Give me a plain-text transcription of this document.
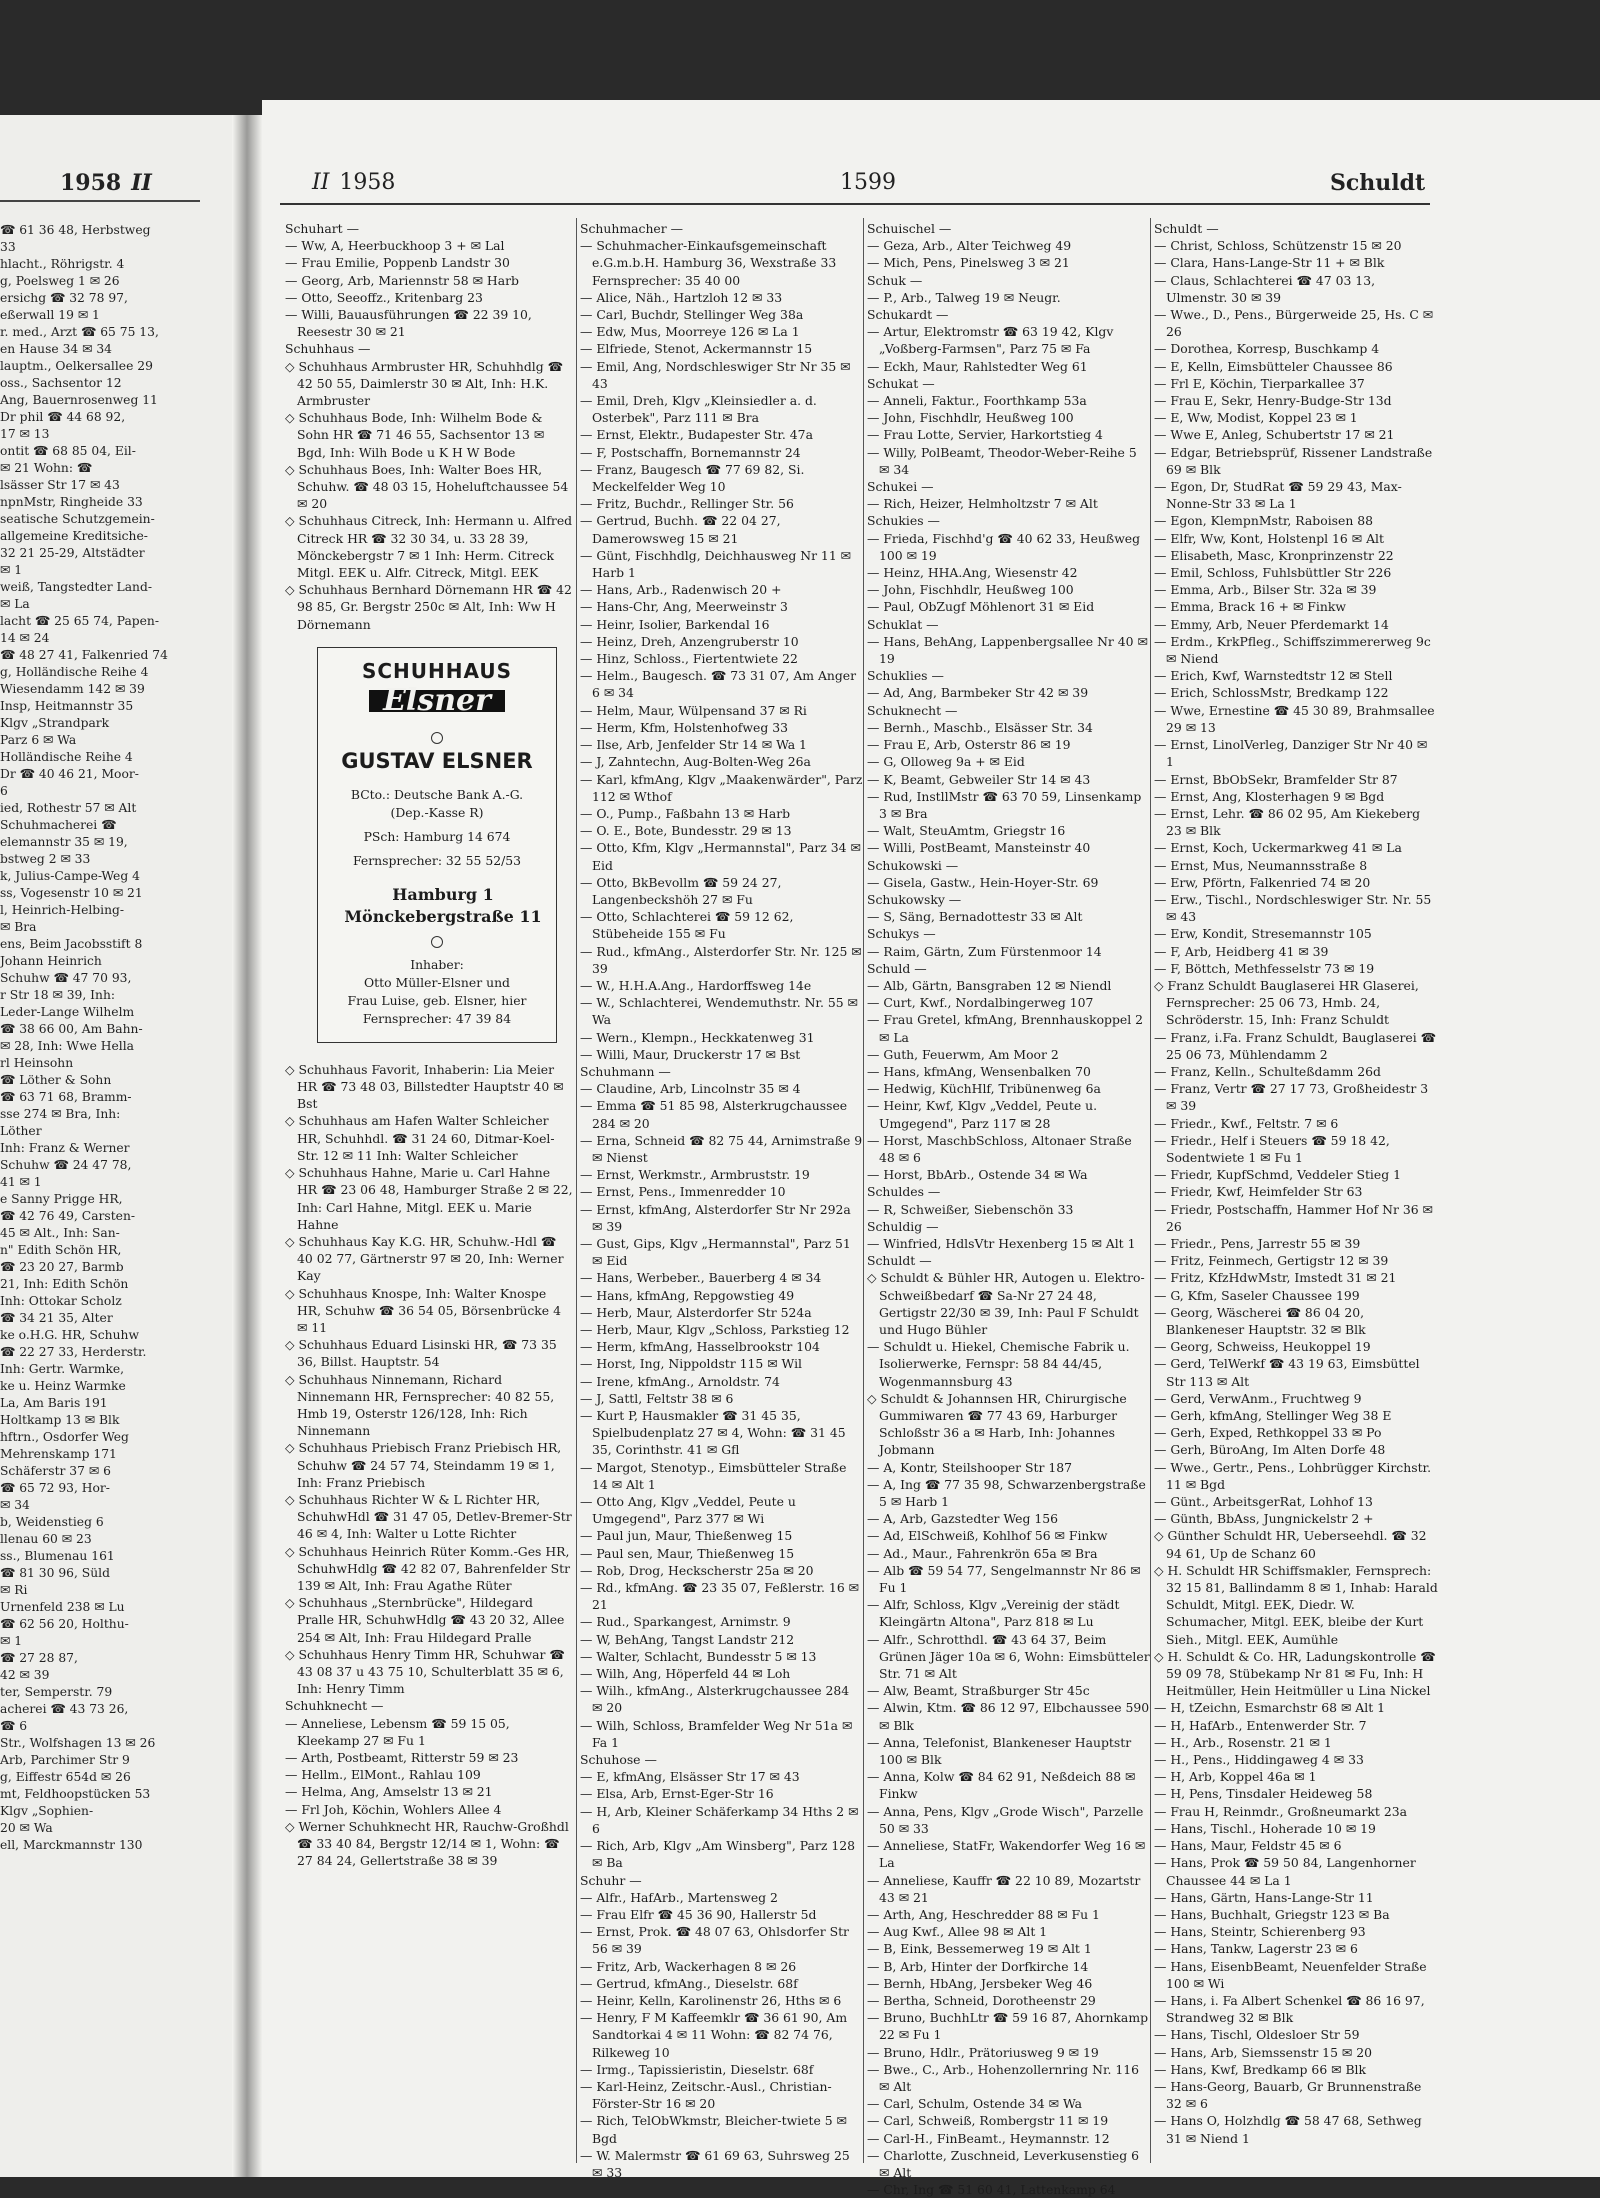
1958 II
☎ 61 36 48, Herbstweg
33
hlacht., Röhrigstr. 4
g, Poelsweg 1 ✉ 26
ersichg ☎ 32 78 97,
eßerwall 19 ✉ 1
r. med., Arzt ☎ 65 75 13,
en Hause 34 ✉ 34
lauptm., Oelkersallee 29
oss., Sachsentor 12
Ang, Bauernrosenweg 11
Dr phil ☎ 44 68 92,
17 ✉ 13
ontit ☎ 68 85 04, Eil-
✉ 21 Wohn: ☎
lsässer Str 17 ✉ 43
npnMstr, Ringheide 33
seatische Schutzgemein-
allgemeine Kreditsiche-
32 21 25-29, Altstädter
✉ 1
weiß, Tangstedter Land-
✉ La
lacht ☎ 25 65 74, Papen-
14 ✉ 24
☎ 48 27 41, Falkenried 74
g, Holländische Reihe 4
Wiesendamm 142 ✉ 39
Insp, Heitmannstr 35
Klgv „Strandpark
Parz 6 ✉ Wa
Holländische Reihe 4
Dr ☎ 40 46 21, Moor-
6
ied, Rothestr 57 ✉ Alt
Schuhmacherei ☎
elemannstr 35 ✉ 19,
bstweg 2 ✉ 33
k, Julius-Campe-Weg 4
ss, Vogesenstr 10 ✉ 21
l, Heinrich-Helbing-
✉ Bra
ens, Beim Jacobsstift 8
Johann Heinrich
Schuhw ☎ 47 70 93,
r Str 18 ✉ 39, Inh:
Leder-Lange Wilhelm
☎ 38 66 00, Am Bahn-
✉ 28, Inh: Wwe Hella
rl Heinsohn
☎ Löther & Sohn
☎ 63 71 68, Bramm-
sse 274 ✉ Bra, Inh:
Löther
Inh: Franz & Werner
Schuhw ☎ 24 47 78,
41 ✉ 1
e Sanny Prigge HR,
☎ 42 76 49, Carsten-
45 ✉ Alt., Inh: San-
n" Edith Schön HR,
☎ 23 20 27, Barmb
21, Inh: Edith Schön
Inh: Ottokar Scholz
☎ 34 21 35, Alter
ke o.H.G. HR, Schuhw
☎ 22 27 33, Herderstr.
Inh: Gertr. Warmke,
ke u. Heinz Warmke
La, Am Baris 191
Holtkamp 13 ✉ Blk
hftrn., Osdorfer Weg
Mehrenskamp 171
Schäferstr 37 ✉ 6
☎ 65 72 93, Hor-
✉ 34
b, Weidenstieg 6
llenau 60 ✉ 23
ss., Blumenau 161
☎ 81 30 96, Süld
✉ Ri
Urnenfeld 238 ✉ Lu
☎ 62 56 20, Holthu-
✉ 1
☎ 27 28 87,
42 ✉ 39
ter, Semperstr. 79
acherei ☎ 43 73 26,
☎ 6
Str., Wolfshagen 13 ✉ 26
Arb, Parchimer Str 9
g, Eiffestr 654d ✉ 26
mt, Feldhoopstücken 53
Klgv „Sophien-
20 ✉ Wa
ell, Marckmannstr 130
II 1958	1599	Schuldt
Schuhart —
— Ww, A, Heerbuckhoop 3 + ✉ Lal
— Frau Emilie, Poppenb Landstr 30
— Georg, Arb, Mariennstr 58 ✉ Harb
— Otto, Seeoffz., Kritenbarg 23
— Willi, Bauausführungen ☎ 22 39 10, Reesestr 30 ✉ 21
Schuhhaus —
◇ Schuhhaus Armbruster HR, Schuhhdlg ☎ 42 50 55, Daimlerstr 30 ✉ Alt, Inh: H.K. Armbruster
◇ Schuhhaus Bode, Inh: Wilhelm Bode & Sohn HR ☎ 71 46 55, Sachsentor 13 ✉ Bgd, Inh: Wilh Bode u K H W Bode
◇ Schuhhaus Boes, Inh: Walter Boes HR, Schuhw. ☎ 48 03 15, Hoheluftchaussee 54 ✉ 20
◇ Schuhhaus Citreck, Inh: Hermann u. Alfred Citreck HR ☎ 32 30 34, u. 33 28 39, Mönckebergstr 7 ✉ 1 Inh: Herm. Citreck Mitgl. EEK u. Alfr. Citreck, Mitgl. EEK
◇ Schuhhaus Bernhard Dörnemann HR ☎ 42 98 85, Gr. Bergstr 250c ✉ Alt, Inh: Ww H Dörnemann
SCHUHHAUS
Elsner
GUSTAV ELSNER
BCto.: Deutsche Bank A.-G.
(Dep.-Kasse R)
PSch: Hamburg 14 674
Fernsprecher: 32 55 52/53
Hamburg 1
Mönckebergstraße 11
Inhaber:
Otto Müller-Elsner und
Frau Luise, geb. Elsner, hier
Fernsprecher: 47 39 84
◇ Schuhhaus Favorit, Inhaberin: Lia Meier HR ☎ 73 48 03, Billstedter Hauptstr 40 ✉ Bst
◇ Schuhhaus am Hafen Walter Schleicher HR, Schuhhdl. ☎ 31 24 60, Ditmar-Koel-Str. 12 ✉ 11 Inh: Walter Schleicher
◇ Schuhhaus Hahne, Marie u. Carl Hahne HR ☎ 23 06 48, Hamburger Straße 2 ✉ 22, Inh: Carl Hahne, Mitgl. EEK u. Marie Hahne
◇ Schuhhaus Kay K.G. HR, Schuhw.-Hdl ☎ 40 02 77, Gärtnerstr 97 ✉ 20, Inh: Werner Kay
◇ Schuhhaus Knospe, Inh: Walter Knospe HR, Schuhw ☎ 36 54 05, Börsenbrücke 4 ✉ 11
◇ Schuhhaus Eduard Lisinski HR, ☎ 73 35 36, Billst. Hauptstr. 54
◇ Schuhhaus Ninnemann, Richard Ninnemann HR, Fernsprecher: 40 82 55, Hmb 19, Osterstr 126/128, Inh: Rich Ninnemann
◇ Schuhhaus Priebisch Franz Priebisch HR, Schuhw ☎ 24 57 74, Steindamm 19 ✉ 1, Inh: Franz Priebisch
◇ Schuhhaus Richter W & L Richter HR, SchuhwHdl ☎ 31 47 05, Detlev-Bremer-Str 46 ✉ 4, Inh: Walter u Lotte Richter
◇ Schuhhaus Heinrich Rüter Komm.-Ges HR, SchuhwHdlg ☎ 42 82 07, Bahrenfelder Str 139 ✉ Alt, Inh: Frau Agathe Rüter
◇ Schuhhaus „Sternbrücke", Hildegard Pralle HR, SchuhwHdlg ☎ 43 20 32, Allee 254 ✉ Alt, Inh: Frau Hildegard Pralle
◇ Schuhhaus Henry Timm HR, Schuhwar ☎ 43 08 37 u 43 75 10, Schulterblatt 35 ✉ 6, Inh: Henry Timm
Schuhknecht —
— Anneliese, Lebensm ☎ 59 15 05, Kleekamp 27 ✉ Fu 1
— Arth, Postbeamt, Ritterstr 59 ✉ 23
— Hellm., ElMont., Rahlau 109
— Helma, Ang, Amselstr 13 ✉ 21
— Frl Joh, Köchin, Wohlers Allee 4
◇ Werner Schuhknecht HR, Rauchw-Großhdl ☎ 33 40 84, Bergstr 12/14 ✉ 1, Wohn: ☎ 27 84 24, Gellertstraße 38 ✉ 39
Schuhmacher —
— Schuhmacher-Einkaufsgemeinschaft e.G.m.b.H. Hamburg 36, Wexstraße 33 Fernsprecher: 35 40 00
— Alice, Näh., Hartzloh 12 ✉ 33
— Carl, Buchdr, Stellinger Weg 38a
— Edw, Mus, Moorreye 126 ✉ La 1
— Elfriede, Stenot, Ackermannstr 15
— Emil, Ang, Nordschleswiger Str Nr 35 ✉ 43
— Emil, Dreh, Klgv „Kleinsiedler a. d. Osterbek", Parz 111 ✉ Bra
— Ernst, Elektr., Budapester Str. 47a
— F, Postschaffn, Bornemannstr 24
— Franz, Baugesch ☎ 77 69 82, Si. Meckelfelder Weg 10
— Fritz, Buchdr., Rellinger Str. 56
— Gertrud, Buchh. ☎ 22 04 27, Damerowsweg 15 ✉ 21
— Günt, Fischhdlg, Deichhausweg Nr 11 ✉ Harb 1
— Hans, Arb., Radenwisch 20 +
— Hans-Chr, Ang, Meerweinstr 3
— Heinr, Isolier, Barkendal 16
— Heinz, Dreh, Anzengruberstr 10
— Hinz, Schloss., Fiertentwiete 22
— Helm., Baugesch. ☎ 73 31 07, Am Anger 6 ✉ 34
— Helm, Maur, Wülpensand 37 ✉ Ri
— Herm, Kfm, Holstenhofweg 33
— Ilse, Arb, Jenfelder Str 14 ✉ Wa 1
— J, Zahntechn, Aug-Bolten-Weg 26a
— Karl, kfmAng, Klgv „Maakenwärder", Parz 112 ✉ Wthof
— O., Pump., Faßbahn 13 ✉ Harb
— O. E., Bote, Bundesstr. 29 ✉ 13
— Otto, Kfm, Klgv „Hermannstal", Parz 34 ✉ Eid
— Otto, BkBevollm ☎ 59 24 27, Langenbeckshöh 27 ✉ Fu
— Otto, Schlachterei ☎ 59 12 62, Stübeheide 155 ✉ Fu
— Rud., kfmAng., Alsterdorfer Str. Nr. 125 ✉ 39
— W., H.H.A.Ang., Hardorffsweg 14e
— W., Schlachterei, Wendemuthstr. Nr. 55 ✉ Wa
— Wern., Klempn., Heckkatenweg 31
— Willi, Maur, Druckerstr 17 ✉ Bst
Schuhmann —
— Claudine, Arb, Lincolnstr 35 ✉ 4
— Emma ☎ 51 85 98, Alsterkrugchaussee 284 ✉ 20
— Erna, Schneid ☎ 82 75 44, Arnimstraße 9 ✉ Nienst
— Ernst, Werkmstr., Armbruststr. 19
— Ernst, Pens., Immenredder 10
— Ernst, kfmAng, Alsterdorfer Str Nr 292a ✉ 39
— Gust, Gips, Klgv „Hermannstal", Parz 51 ✉ Eid
— Hans, Werbeber., Bauerberg 4 ✉ 34
— Hans, kfmAng, Repgowstieg 49
— Herb, Maur, Alsterdorfer Str 524a
— Herb, Maur, Klgv „Schloss, Parkstieg 12
— Herm, kfmAng, Hasselbrookstr 104
— Horst, Ing, Nippoldstr 115 ✉ Wil
— Irene, kfmAng., Arnoldstr. 74
— J, Sattl, Feltstr 38 ✉ 6
— Kurt P, Hausmakler ☎ 31 45 35, Spielbudenplatz 27 ✉ 4, Wohn: ☎ 31 45 35, Corinthstr. 41 ✉ Gfl
— Margot, Stenotyp., Eimsbütteler Straße 14 ✉ Alt 1
— Otto Ang, Klgv „Veddel, Peute u Umgegend", Parz 377 ✉ Wi
— Paul jun, Maur, Thießenweg 15
— Paul sen, Maur, Thießenweg 15
— Rob, Drog, Heckscherstr 25a ✉ 20
— Rd., kfmAng. ☎ 23 35 07, Feßlerstr. 16 ✉ 21
— Rud., Sparkangest, Arnimstr. 9
— W, BehAng, Tangst Landstr 212
— Walter, Schlacht, Bundesstr 5 ✉ 13
— Wilh, Ang, Höperfeld 44 ✉ Loh
— Wilh., kfmAng., Alsterkrugchaussee 284 ✉ 20
— Wilh, Schloss, Bramfelder Weg Nr 51a ✉ Fa 1
Schuhose —
— E, kfmAng, Elsässer Str 17 ✉ 43
— Elsa, Arb, Ernst-Eger-Str 16
— H, Arb, Kleiner Schäferkamp 34 Hths 2 ✉ 6
— Rich, Arb, Klgv „Am Winsberg", Parz 128 ✉ Ba
Schuhr —
— Alfr., HafArb., Martensweg 2
— Frau Elfr ☎ 45 36 90, Hallerstr 5d
— Ernst, Prok. ☎ 48 07 63, Ohlsdorfer Str 56 ✉ 39
— Fritz, Arb, Wackerhagen 8 ✉ 26
— Gertrud, kfmAng., Dieselstr. 68f
— Heinr, Kelln, Karolinenstr 26, Hths ✉ 6
— Henry, F M Kaffeemklr ☎ 36 61 90, Am Sandtorkai 4 ✉ 11 Wohn: ☎ 82 74 76, Rilkeweg 10
— Irmg., Tapissieristin, Dieselstr. 68f
— Karl-Heinz, Zeitschr.-Ausl., Christian-Förster-Str 16 ✉ 20
— Rich, TelObWkmstr, Bleicher-twiete 5 ✉ Bgd
— W. Malermstr ☎ 61 69 63, Suhrsweg 25 ✉ 33
Schuischel —
— Geza, Arb., Alter Teichweg 49
— Mich, Pens, Pinelsweg 3 ✉ 21
Schuk —
— P., Arb., Talweg 19 ✉ Neugr.
Schukardt —
— Artur, Elektromstr ☎ 63 19 42, Klgv „Voßberg-Farmsen", Parz 75 ✉ Fa
— Eckh, Maur, Rahlstedter Weg 61
Schukat —
— Anneli, Faktur., Foorthkamp 53a
— John, Fischhdlr, Heußweg 100
— Frau Lotte, Servier, Harkortstieg 4
— Willy, PolBeamt, Theodor-Weber-Reihe 5 ✉ 34
Schukei —
— Rich, Heizer, Helmholtzstr 7 ✉ Alt
Schukies —
— Frieda, Fischhd'g ☎ 40 62 33, Heußweg 100 ✉ 19
— Heinz, HHA.Ang, Wiesenstr 42
— John, Fischhdlr, Heußweg 100
— Paul, ObZugf Möhlenort 31 ✉ Eid
Schuklat —
— Hans, BehAng, Lappenbergsallee Nr 40 ✉ 19
Schuklies —
— Ad, Ang, Barmbeker Str 42 ✉ 39
Schuknecht —
— Bernh., Maschb., Elsässer Str. 34
— Frau E, Arb, Osterstr 86 ✉ 19
— G, Olloweg 9a + ✉ Eid
— K, Beamt, Gebweiler Str 14 ✉ 43
— Rud, InstllMstr ☎ 63 70 59, Linsenkamp 3 ✉ Bra
— Walt, SteuAmtm, Griegstr 16
— Willi, PostBeamt, Mansteinstr 40
Schukowski —
— Gisela, Gastw., Hein-Hoyer-Str. 69
Schukowsky —
— S, Säng, Bernadottestr 33 ✉ Alt
Schukys —
— Raim, Gärtn, Zum Fürstenmoor 14
Schuld —
— Alb, Gärtn, Bansgraben 12 ✉ Niendl
— Curt, Kwf., Nordalbingerweg 107
— Frau Gretel, kfmAng, Brennhauskoppel 2 ✉ La
— Guth, Feuerwm, Am Moor 2
— Hans, kfmAng, Wensenbalken 70
— Hedwig, KüchHlf, Tribünenweg 6a
— Heinr, Kwf, Klgv „Veddel, Peute u. Umgegend", Parz 117 ✉ 28
— Horst, MaschbSchloss, Altonaer Straße 48 ✉ 6
— Horst, BbArb., Ostende 34 ✉ Wa
Schuldes —
— R, Schweißer, Siebenschön 33
Schuldig —
— Winfried, HdlsVtr Hexenberg 15 ✉ Alt 1
Schuldt —
◇ Schuldt & Bühler HR, Autogen u. Elektro-Schweißbedarf ☎ Sa-Nr 27 24 48, Gertigstr 22/30 ✉ 39, Inh: Paul F Schuldt und Hugo Bühler
— Schuldt u. Hiekel, Chemische Fabrik u. Isolierwerke, Fernspr: 58 84 44/45, Wogenmannsburg 43
◇ Schuldt & Johannsen HR, Chirurgische Gummiwaren ☎ 77 43 69, Harburger Schloßstr 36 a ✉ Harb, Inh: Johannes Jobmann
— A, Kontr, Steilshooper Str 187
— A, Ing ☎ 77 35 98, Schwarzenbergstraße 5 ✉ Harb 1
— A, Arb, Gazstedter Weg 156
— Ad, ElSchweiß, Kohlhof 56 ✉ Finkw
— Ad., Maur., Fahrenkrön 65a ✉ Bra
— Alb ☎ 59 54 77, Sengelmannstr Nr 86 ✉ Fu 1
— Alfr, Schloss, Klgv „Vereinig der städt Kleingärtn Altona", Parz 818 ✉ Lu
— Alfr., Schrotthdl. ☎ 43 64 37, Beim Grünen Jäger 10a ✉ 6, Wohn: Eimsbütteler Str. 71 ✉ Alt
— Alw, Beamt, Straßburger Str 45c
— Alwin, Ktm. ☎ 86 12 97, Elbchaussee 590 ✉ Blk
— Anna, Telefonist, Blankeneser Hauptstr 100 ✉ Blk
— Anna, Kolw ☎ 84 62 91, Neßdeich 88 ✉ Finkw
— Anna, Pens, Klgv „Grode Wisch", Parzelle 50 ✉ 33
— Anneliese, StatFr, Wakendorfer Weg 16 ✉ La
— Anneliese, Kauffr ☎ 22 10 89, Mozartstr 43 ✉ 21
— Arth, Ang, Heschredder 88 ✉ Fu 1
— Aug Kwf., Allee 98 ✉ Alt 1
— B, Eink, Bessemerweg 19 ✉ Alt 1
— B, Arb, Hinter der Dorfkirche 14
— Bernh, HbAng, Jersbeker Weg 46
— Bertha, Schneid, Dorotheenstr 29
— Bruno, BuchhLtr ☎ 59 16 87, Ahornkamp 22 ✉ Fu 1
— Bruno, Hdlr., Prätoriusweg 9 ✉ 19
— Bwe., C., Arb., Hohenzollernring Nr. 116 ✉ Alt
— Carl, Schulm, Ostende 34 ✉ Wa
— Carl, Schweiß, Rombergstr 11 ✉ 19
— Carl-H., FinBeamt., Heymannstr. 12
— Charlotte, Zuschneid, Leverkusenstieg 6 ✉ Alt
— Chr, Ing ☎ 51 60 41, Lattenkamp 64
Schuldt —
— Christ, Schloss, Schützenstr 15 ✉ 20
— Clara, Hans-Lange-Str 11 + ✉ Blk
— Claus, Schlachterei ☎ 47 03 13, Ulmenstr. 30 ✉ 39
— Wwe., D., Pens., Bürgerweide 25, Hs. C ✉ 26
— Dorothea, Korresp, Buschkamp 4
— E, Kelln, Eimsbütteler Chaussee 86
— Frl E, Köchin, Tierparkallee 37
— Frau E, Sekr, Henry-Budge-Str 13d
— E, Ww, Modist, Koppel 23 ✉ 1
— Wwe E, Anleg, Schubertstr 17 ✉ 21
— Edgar, Betriebsprüf, Rissener Landstraße 69 ✉ Blk
— Egon, Dr, StudRat ☎ 59 29 43, Max-Nonne-Str 33 ✉ La 1
— Egon, KlempnMstr, Raboisen 88
— Elfr, Ww, Kont, Holstenpl 16 ✉ Alt
— Elisabeth, Masc, Kronprinzenstr 22
— Emil, Schloss, Fuhlsbüttler Str 226
— Emma, Arb., Bilser Str. 32a ✉ 39
— Emma, Brack 16 + ✉ Finkw
— Emmy, Arb, Neuer Pferdemarkt 14
— Erdm., KrkPfleg., Schiffszimmererweg 9c ✉ Niend
— Erich, Kwf, Warnstedtstr 12 ✉ Stell
— Erich, SchlossMstr, Bredkamp 122
— Wwe, Ernestine ☎ 45 30 89, Brahmsallee 29 ✉ 13
— Ernst, LinolVerleg, Danziger Str Nr 40 ✉ 1
— Ernst, BbObSekr, Bramfelder Str 87
— Ernst, Ang, Klosterhagen 9 ✉ Bgd
— Ernst, Lehr. ☎ 86 02 95, Am Kiekeberg 23 ✉ Blk
— Ernst, Koch, Uckermarkweg 41 ✉ La
— Ernst, Mus, Neumannsstraße 8
— Erw, Pförtn, Falkenried 74 ✉ 20
— Erw., Tischl., Nordschleswiger Str. Nr. 55 ✉ 43
— Erw, Kondit, Stresemannstr 105
— F, Arb, Heidberg 41 ✉ 39
— F, Böttch, Methfesselstr 73 ✉ 19
◇ Franz Schuldt Bauglaserei HR Glaserei, Fernsprecher: 25 06 73, Hmb. 24, Schröderstr. 15, Inh: Franz Schuldt
— Franz, i.Fa. Franz Schuldt, Bauglaserei ☎ 25 06 73, Mühlendamm 2
— Franz, Kelln., Schulteßdamm 26d
— Franz, Vertr ☎ 27 17 73, Großheidestr 3 ✉ 39
— Friedr., Kwf., Feltstr. 7 ✉ 6
— Friedr., Helf i Steuers ☎ 59 18 42, Sodentwiete 1 ✉ Fu 1
— Friedr, KupfSchmd, Veddeler Stieg 1
— Friedr, Kwf, Heimfelder Str 63
— Friedr, Postschaffn, Hammer Hof Nr 36 ✉ 26
— Friedr., Pens, Jarrestr 55 ✉ 39
— Fritz, Feinmech, Gertigstr 12 ✉ 39
— Fritz, KfzHdwMstr, Imstedt 31 ✉ 21
— G, Kfm, Saseler Chaussee 199
— Georg, Wäscherei ☎ 86 04 20, Blankeneser Hauptstr. 32 ✉ Blk
— Georg, Schweiss, Heukoppel 19
— Gerd, TelWerkf ☎ 43 19 63, Eimsbüttel Str 113 ✉ Alt
— Gerd, VerwAnm., Fruchtweg 9
— Gerh, kfmAng, Stellinger Weg 38 E
— Gerh, Exped, Rethkoppel 33 ✉ Po
— Gerh, BüroAng, Im Alten Dorfe 48
— Wwe., Gertr., Pens., Lohbrügger Kirchstr. 11 ✉ Bgd
— Günt., ArbeitsgerRat, Lohhof 13
— Günth, BbAss, Jungnickelstr 2 +
◇ Günther Schuldt HR, Ueberseehdl. ☎ 32 94 61, Up de Schanz 60
◇ H. Schuldt HR Schiffsmakler, Fernsprech: 32 15 81, Ballindamm 8 ✉ 1, Inhab: Harald Schuldt, Mitgl. EEK, Diedr. W. Schumacher, Mitgl. EEK, bleibe der Kurt Sieh., Mitgl. EEK, Aumühle
◇ H. Schuldt & Co. HR, Ladungskontrolle ☎ 59 09 78, Stübekamp Nr 81 ✉ Fu, Inh: H Heitmüller, Hein Heitmüller u Lina Nickel
— H, tZeichn, Esmarchstr 68 ✉ Alt 1
— H, HafArb., Entenwerder Str. 7
— H., Arb., Rosenstr. 21 ✉ 1
— H., Pens., Hiddingaweg 4 ✉ 33
— H, Arb, Koppel 46a ✉ 1
— H, Pens, Tinsdaler Heideweg 58
— Frau H, Reinmdr., Großneumarkt 23a
— Hans, Tischl., Hoherade 10 ✉ 19
— Hans, Maur, Feldstr 45 ✉ 6
— Hans, Prok ☎ 59 50 84, Langenhorner Chaussee 44 ✉ La 1
— Hans, Gärtn, Hans-Lange-Str 11
— Hans, Buchhalt, Griegstr 123 ✉ Ba
— Hans, Steintr, Schierenberg 93
— Hans, Tankw, Lagerstr 23 ✉ 6
— Hans, EisenbBeamt, Neuenfelder Straße 100 ✉ Wi
— Hans, i. Fa Albert Schenkel ☎ 86 16 97, Strandweg 32 ✉ Blk
— Hans, Tischl, Oldesloer Str 59
— Hans, Arb, Siemssenstr 15 ✉ 20
— Hans, Kwf, Bredkamp 66 ✉ Blk
— Hans-Georg, Bauarb, Gr Brunnenstraße 32 ✉ 6
— Hans O, Holzhdlg ☎ 58 47 68, Sethweg 31 ✉ Niend 1
